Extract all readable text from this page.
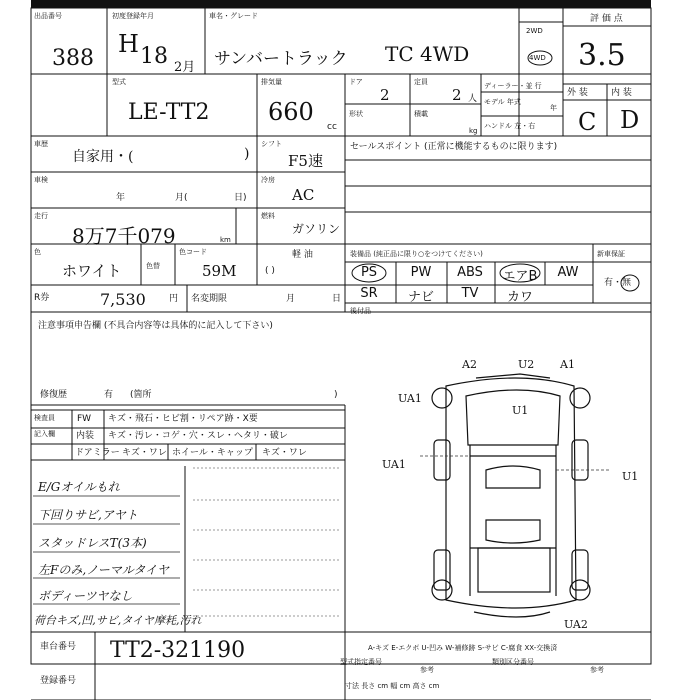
出品番号
388
初度登録年月
H 18 2月
車名・グレード
サンバートラック TC 4WD
2WD
4WD
評 価 点
3.5
型式
LE-TT2
排気量
660
cc
ドア
2
定員
2 人
形状	積載
kg
ディーラー・並 行
モデル 年式
年
ハンドル 左・右
外 装	内 装
C D
車歴
自家用・(	)
シフト
F5速
セールスポイント (正常に機能するものに限ります)
車検
年	月(	日)
冷房
AC
走行
8万7千079	km
燃料
ガソリン
軽 油
( )
色
ホワイト	色替
色コード
59M
装備品 (純正品に限り○をつけてください)	新車保証
有・無
PS	PW	ABS	エアB	AW
SR	ナビ	TV	カワ
後付品
R券	7,530	円 名変期限	月	日
注意事項申告欄 (不具合内容等は具体的に記入して下さい)
修復歴	有 (箇所	)
検査員
記入欄
FW キズ・飛石・ヒビ割・リペア跡・X要
内装 キズ・汚レ・コゲ・穴・スレ・ヘタリ・破レ
ドアミラー キズ・ワレ ホイール・キャップ キズ・ワレ
E/Gオイルもれ
下回りサビ,アヤト
スタッドレスT(3本)
左Fのみ,ノーマルタイヤ
ボディーツヤなし
荷台キズ,凹,サビ,タイヤ摩耗,汚れ
A2	U2 A1
UA1
U1
UA1
U1
UA2
車台番号 TT2-321190
登録番号
A-キズ E-エクボ U-凹み W-補修跡 S-サビ C-腐食 XX-交換済
型式指定番号
参考
類別区分番号
参考
寸法 長さ cm 幅 cm 高さ cm
